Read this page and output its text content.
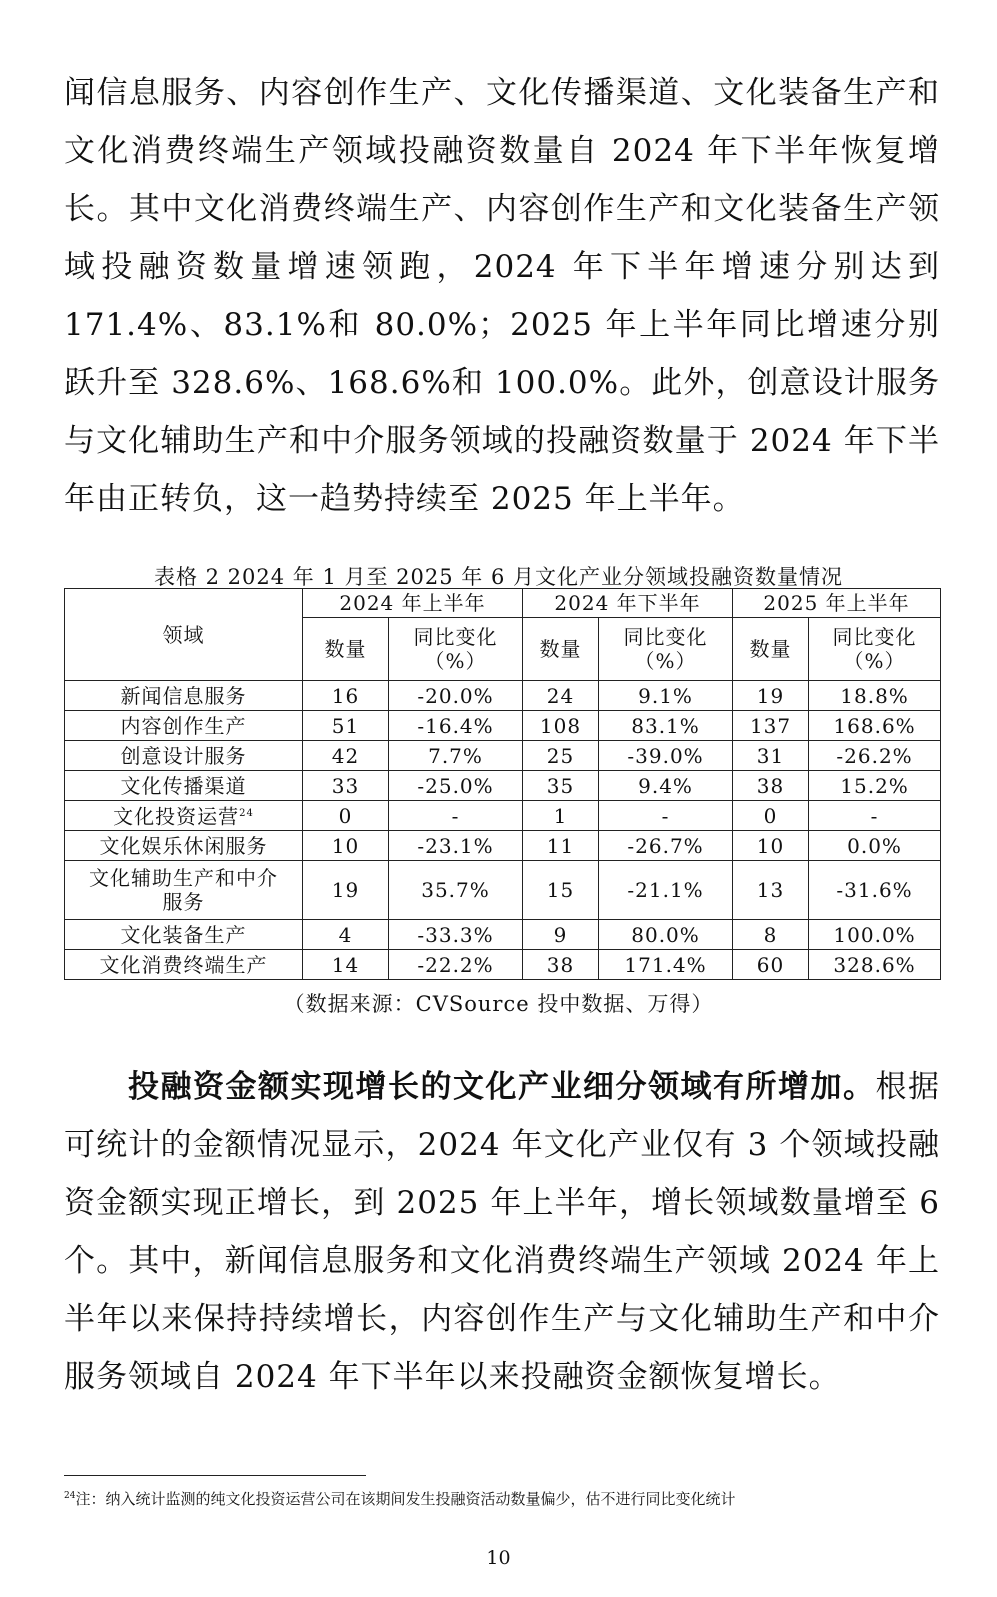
闻信息服务、内容创作生产、文化传播渠道、文化装备生产和文化消费终端生产领域投融资数量自 2024 年下半年恢复增长。其中文化消费终端生产、内容创作生产和文化装备生产领域投融资数量增速领跑，2024 年下半年增速分别达到 171.4%、83.1%和 80.0%；2025 年上半年同比增速分别跃升至 328.6%、168.6%和 100.0%。此外，创意设计服务与文化辅助生产和中介服务领域的投融资数量于 2024 年下半年由正转负，这一趋势持续至 2025 年上半年。

表格 2 2024 年 1 月至 2025 年 6 月文化产业分领域投融资数量情况
领域	2024 年上半年		2024 年下半年		2025 年上半年	
	数量	同比变化（%）	数量	同比变化（%）	数量	同比变化（%）
新闻信息服务	16	-20.0%	24	9.1%	19	18.8%
内容创作生产	51	-16.4%	108	83.1%	137	168.6%
创意设计服务	42	7.7%	25	-39.0%	31	-26.2%
文化传播渠道	33	-25.0%	35	9.4%	38	15.2%
文化投资运营$^{24}$	0	-	1	-	0	-
文化娱乐休闲服务	10	-23.1%	11	-26.7%	10	0.0%
文化辅助生产和中介服务	19	35.7%	15	-21.1%	13	-31.6%
文化装备生产	4	-33.3%	9	80.0%	8	100.0%
文化消费终端生产	14	-22.2%	38	171.4%	60	328.6%
（数据来源：CVSource 投中数据、万得）

投融资金额实现增长的文化产业细分领域有所增加。根据可统计的金额情况显示，2024 年文化产业仅有 3 个领域投融资金额实现正增长，到 2025 年上半年，增长领域数量增至 6 个。其中，新闻信息服务和文化消费终端生产领域 2024 年上半年以来保持持续增长，内容创作生产与文化辅助生产和中介服务领域自 2024 年下半年以来投融资金额恢复增长。

$^{24}$注：纳入统计监测的纯文化投资运营公司在该期间发生投融资活动数量偏少，估不进行同比变化统计
10
